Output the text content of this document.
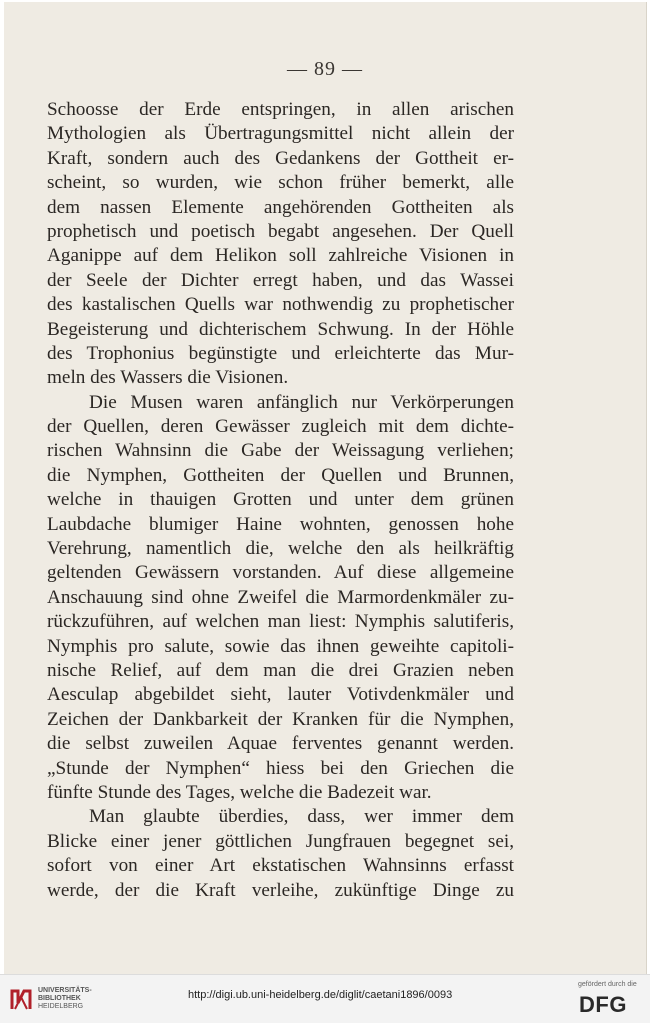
— 89 —
Schoosse der Erde entspringen, in allen arischen
Mythologien als Übertragungsmittel nicht allein der
Kraft, sondern auch des Gedankens der Gottheit er-
scheint, so wurden, wie schon früher bemerkt, alle
dem nassen Elemente angehörenden Gottheiten als
prophetisch und poetisch begabt angesehen. Der Quell
Aganippe auf dem Helikon soll zahlreiche Visionen in
der Seele der Dichter erregt haben, und das Wassei
des kastalischen Quells war nothwendig zu prophetischer
Begeisterung und dichterischem Schwung. In der Höhle
des Trophonius begünstigte und erleichterte das Mur-
meln des Wassers die Visionen.
Die Musen waren anfänglich nur Verkörperungen
der Quellen, deren Gewässer zugleich mit dem dichte-
rischen Wahnsinn die Gabe der Weissagung verliehen;
die Nymphen, Gottheiten der Quellen und Brunnen,
welche in thauigen Grotten und unter dem grünen
Laubdache blumiger Haine wohnten, genossen hohe
Verehrung, namentlich die, welche den als heilkräftig
geltenden Gewässern vorstanden. Auf diese allgemeine
Anschauung sind ohne Zweifel die Marmordenkmäler zu-
rückzuführen, auf welchen man liest: Nymphis salutiferis,
Nymphis pro salute, sowie das ihnen geweihte capitoli-
nische Relief, auf dem man die drei Grazien neben
Aesculap abgebildet sieht, lauter Votivdenkmäler und
Zeichen der Dankbarkeit der Kranken für die Nymphen,
die selbst zuweilen Aquae ferventes genannt werden.
„Stunde der Nymphen“ hiess bei den Griechen die
fünfte Stunde des Tages, welche die Badezeit war.
Man glaubte überdies, dass, wer immer dem
Blicke einer jener göttlichen Jungfrauen begegnet sei,
sofort von einer Art ekstatischen Wahnsinns erfasst
werde, der die Kraft verleihe, zukünftige Dinge zu
UNIVERSITÄTS-
BIBLIOTHEK
HEIDELBERG
http://digi.ub.uni-heidelberg.de/diglit/caetani1896/0093
gefördert durch die
DFG
